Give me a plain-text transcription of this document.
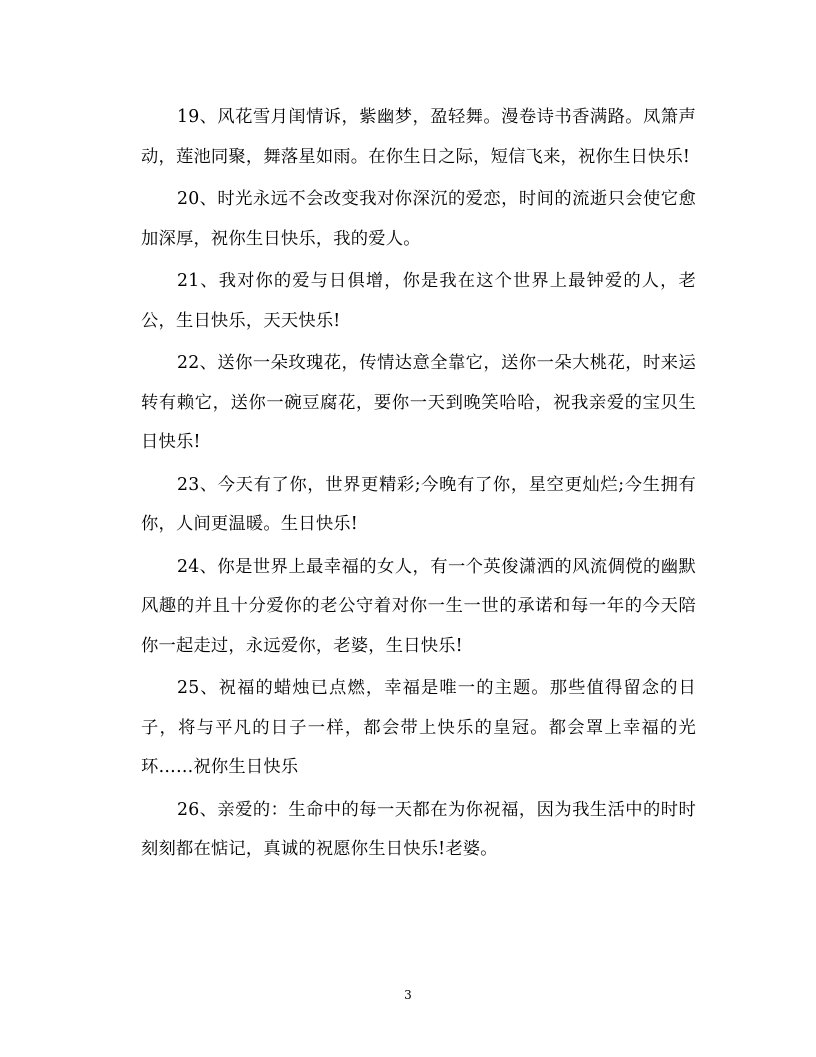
19、风花雪月闺情诉，紫幽梦，盈轻舞。漫卷诗书香满路。凤箫声动，莲池同聚，舞落星如雨。在你生日之际，短信飞来，祝你生日快乐!

20、时光永远不会改变我对你深沉的爱恋，时间的流逝只会使它愈加深厚，祝你生日快乐，我的爱人。

21、我对你的爱与日俱增，你是我在这个世界上最钟爱的人，老公，生日快乐，天天快乐!

22、送你一朵玫瑰花，传情达意全靠它，送你一朵大桃花，时来运转有赖它，送你一碗豆腐花，要你一天到晚笑哈哈，祝我亲爱的宝贝生日快乐!

23、今天有了你，世界更精彩;今晚有了你，星空更灿烂;今生拥有你，人间更温暖。生日快乐!

24、你是世界上最幸福的女人，有一个英俊潇洒的风流倜傥的幽默风趣的并且十分爱你的老公守着对你一生一世的承诺和每一年的今天陪你一起走过，永远爱你，老婆，生日快乐!

25、祝福的蜡烛已点燃，幸福是唯一的主题。那些值得留念的日子，将与平凡的日子一样，都会带上快乐的皇冠。都会罩上幸福的光环……祝你生日快乐

26、亲爱的：生命中的每一天都在为你祝福，因为我生活中的时时刻刻都在惦记，真诚的祝愿你生日快乐!老婆。

3
